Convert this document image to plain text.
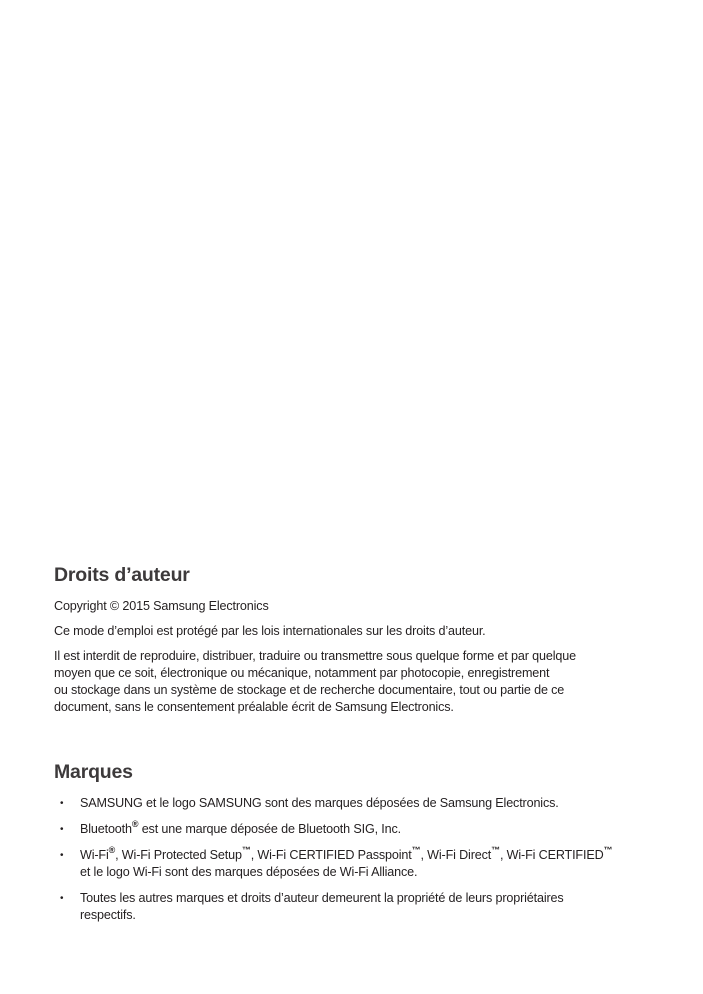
Droits d’auteur

Copyright © 2015 Samsung Electronics

Ce mode d’emploi est protégé par les lois internationales sur les droits d’auteur.

Il est interdit de reproduire, distribuer, traduire ou transmettre sous quelque forme et par quelque
moyen que ce soit, électronique ou mécanique, notamment par photocopie, enregistrement
ou stockage dans un système de stockage et de recherche documentaire, tout ou partie de ce
document, sans le consentement préalable écrit de Samsung Electronics.

Marques
• SAMSUNG et le logo SAMSUNG sont des marques déposées de Samsung Electronics.
• Bluetooth® est une marque déposée de Bluetooth SIG, Inc.
• Wi-Fi®, Wi-Fi Protected Setup™, Wi-Fi CERTIFIED Passpoint™, Wi-Fi Direct™, Wi-Fi CERTIFIED™
et le logo Wi-Fi sont des marques déposées de Wi-Fi Alliance.
• Toutes les autres marques et droits d’auteur demeurent la propriété de leurs propriétaires
respectifs.
